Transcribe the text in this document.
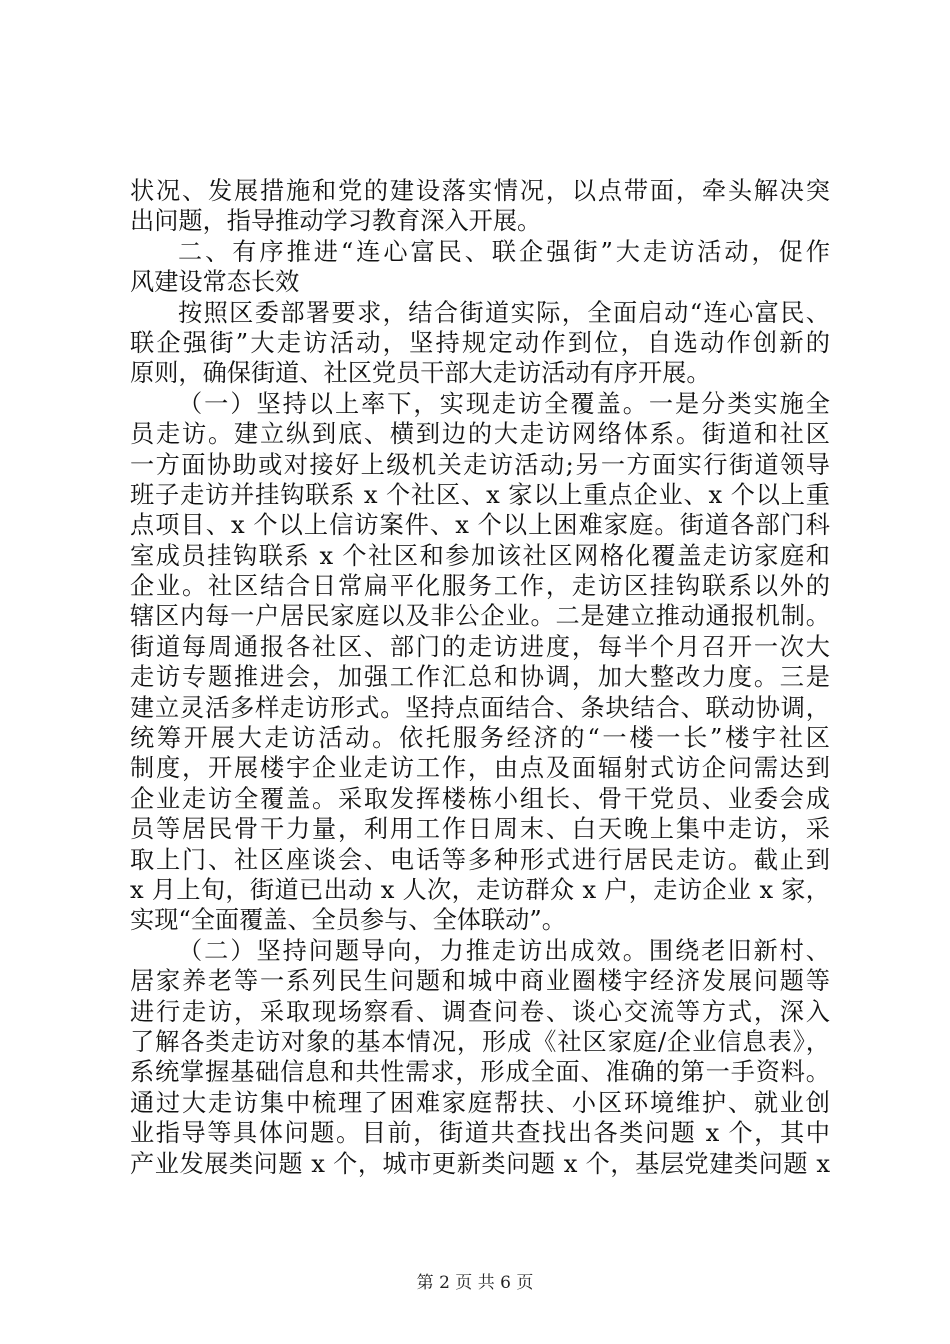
状况、发展措施和党的建设落实情况，以点带面，牵头解决突
出问题，指导推动学习教育深入开展。
二、有序推进“连心富民、联企强街”大走访活动，促作
风建设常态长效
按照区委部署要求，结合街道实际，全面启动“连心富民、
联企强街”大走访活动，坚持规定动作到位，自选动作创新的
原则，确保街道、社区党员干部大走访活动有序开展。
（一）坚持以上率下，实现走访全覆盖。一是分类实施全
员走访。建立纵到底、横到边的大走访网络体系。街道和社区
一方面协助或对接好上级机关走访活动;另一方面实行街道领导
班子走访并挂钩联系 x 个社区、x 家以上重点企业、x 个以上重
点项目、x 个以上信访案件、x 个以上困难家庭。街道各部门科
室成员挂钩联系 x 个社区和参加该社区网格化覆盖走访家庭和
企业。社区结合日常扁平化服务工作，走访区挂钩联系以外的
辖区内每一户居民家庭以及非公企业。二是建立推动通报机制。
街道每周通报各社区、部门的走访进度，每半个月召开一次大
走访专题推进会，加强工作汇总和协调，加大整改力度。三是
建立灵活多样走访形式。坚持点面结合、条块结合、联动协调，
统筹开展大走访活动。依托服务经济的“一楼一长”楼宇社区
制度，开展楼宇企业走访工作，由点及面辐射式访企问需达到
企业走访全覆盖。采取发挥楼栋小组长、骨干党员、业委会成
员等居民骨干力量，利用工作日周末、白天晚上集中走访，采
取上门、社区座谈会、电话等多种形式进行居民走访。截止到
x 月上旬，街道已出动 x 人次，走访群众 x 户，走访企业 x 家，
实现“全面覆盖、全员参与、全体联动”。
（二）坚持问题导向，力推走访出成效。围绕老旧新村、
居家养老等一系列民生问题和城中商业圈楼宇经济发展问题等
进行走访，采取现场察看、调查问卷、谈心交流等方式，深入
了解各类走访对象的基本情况，形成《社区家庭/企业信息表》，
系统掌握基础信息和共性需求，形成全面、准确的第一手资料。
通过大走访集中梳理了困难家庭帮扶、小区环境维护、就业创
业指导等具体问题。目前，街道共查找出各类问题 x 个，其中
产业发展类问题 x 个，城市更新类问题 x 个，基层党建类问题 x
第 2 页 共 6 页
